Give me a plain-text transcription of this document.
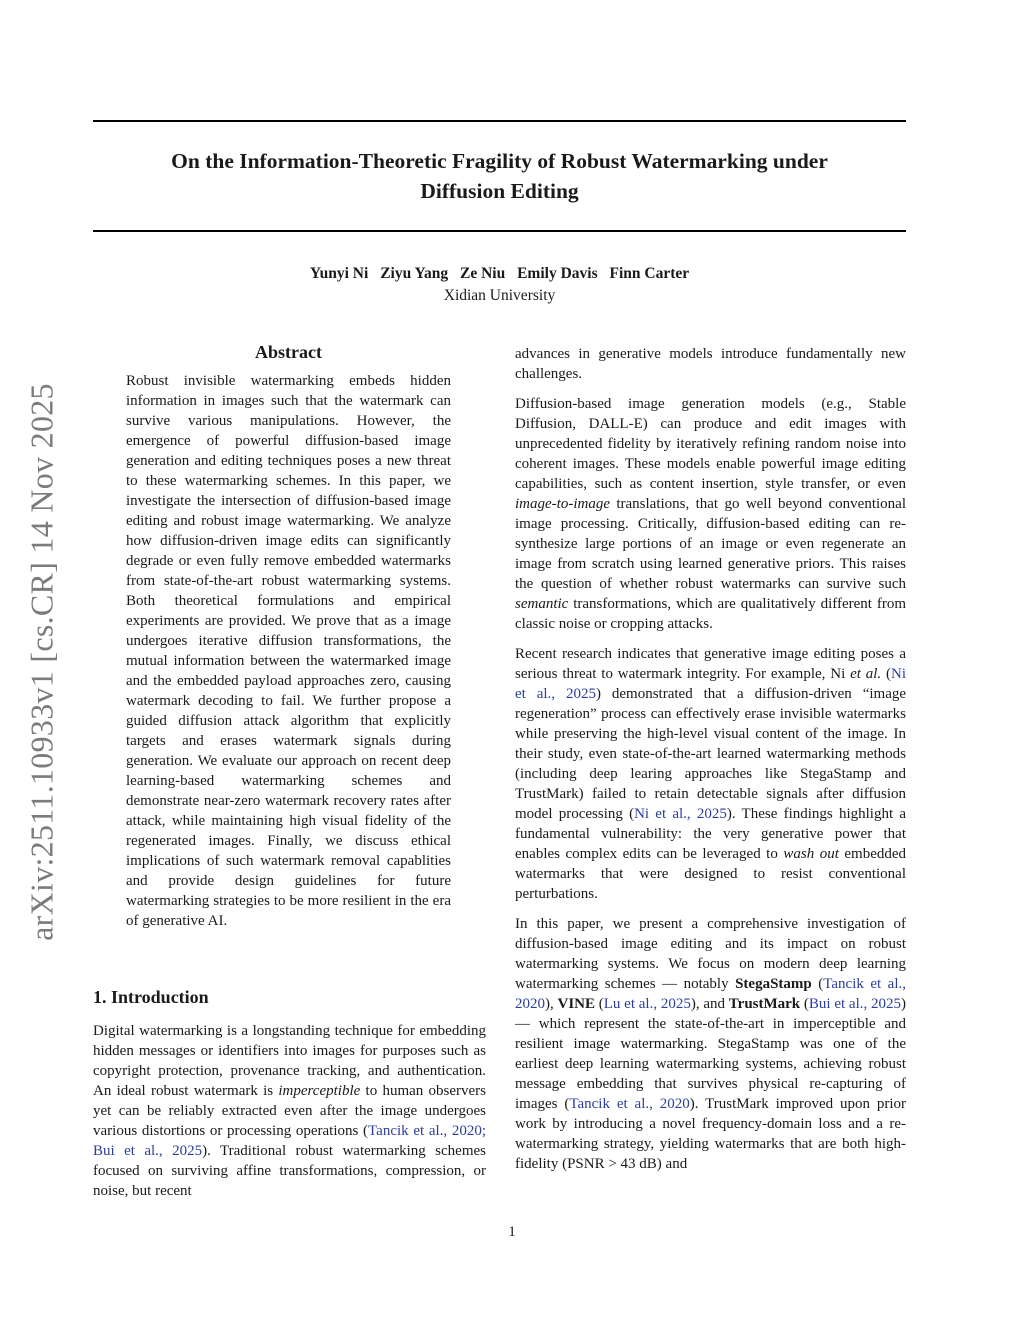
On the Information-Theoretic Fragility of Robust Watermarking under
Diffusion Editing
Yunyi Ni Ziyu Yang Ze Niu Emily Davis Finn Carter
Xidian University
arXiv:2511.10933v1 [cs.CR] 14 Nov 2025
Abstract

Robust invisible watermarking embeds hidden information in images such that the watermark can survive various manipulations. However, the emergence of powerful diffusion-based image generation and editing techniques poses a new threat to these watermarking schemes. In this paper, we investigate the intersection of diffusion-based image editing and robust image watermarking. We analyze how diffusion-driven image edits can significantly degrade or even fully remove embedded watermarks from state-of-the-art robust watermarking systems. Both theoretical formulations and empirical experiments are provided. We prove that as a image undergoes iterative diffusion transformations, the mutual information between the watermarked image and the embedded payload approaches zero, causing watermark decoding to fail. We further propose a guided diffusion attack algorithm that explicitly targets and erases watermark signals during generation. We evaluate our approach on recent deep learning-based watermarking schemes and demonstrate near-zero watermark recovery rates after attack, while maintaining high visual fidelity of the regenerated images. Finally, we discuss ethical implications of such watermark removal capablities and provide design guidelines for future watermarking strategies to be more resilient in the era of generative AI.

1. Introduction

Digital watermarking is a longstanding technique for embedding hidden messages or identifiers into images for purposes such as copyright protection, provenance tracking, and authentication. An ideal robust watermark is imperceptible to human observers yet can be reliably extracted even after the image undergoes various distortions or processing operations (Tancik et al., 2020; Bui et al., 2025). Traditional robust watermarking schemes focused on surviving affine transformations, compression, or noise, but recent

advances in generative models introduce fundamentally new challenges.

Diffusion-based image generation models (e.g., Stable Diffusion, DALL-E) can produce and edit images with unprecedented fidelity by iteratively refining random noise into coherent images. These models enable powerful image editing capabilities, such as content insertion, style transfer, or even image-to-image translations, that go well beyond conventional image processing. Critically, diffusion-based editing can re-synthesize large portions of an image or even regenerate an image from scratch using learned generative priors. This raises the question of whether robust watermarks can survive such semantic transformations, which are qualitatively different from classic noise or cropping attacks.

Recent research indicates that generative image editing poses a serious threat to watermark integrity. For example, Ni et al. (Ni et al., 2025) demonstrated that a diffusion-driven “image regeneration” process can effectively erase invisible watermarks while preserving the high-level visual content of the image. In their study, even state-of-the-art learned watermarking methods (including deep learing approaches like StegaStamp and TrustMark) failed to retain detectable signals after diffusion model processing (Ni et al., 2025). These findings highlight a fundamental vulnerability: the very generative power that enables complex edits can be leveraged to wash out embedded watermarks that were designed to resist conventional perturbations.

In this paper, we present a comprehensive investigation of diffusion-based image editing and its impact on robust watermarking systems. We focus on modern deep learning watermarking schemes — notably StegaStamp (Tancik et al., 2020), VINE (Lu et al., 2025), and TrustMark (Bui et al., 2025) — which represent the state-of-the-art in imperceptible and resilient image watermarking. StegaStamp was one of the earliest deep learning watermarking systems, achieving robust message embedding that survives physical re-capturing of images (Tancik et al., 2020). TrustMark improved upon prior work by introducing a novel frequency-domain loss and a re-watermarking strategy, yielding watermarks that are both high-fidelity (PSNR > 43 dB) and

1
